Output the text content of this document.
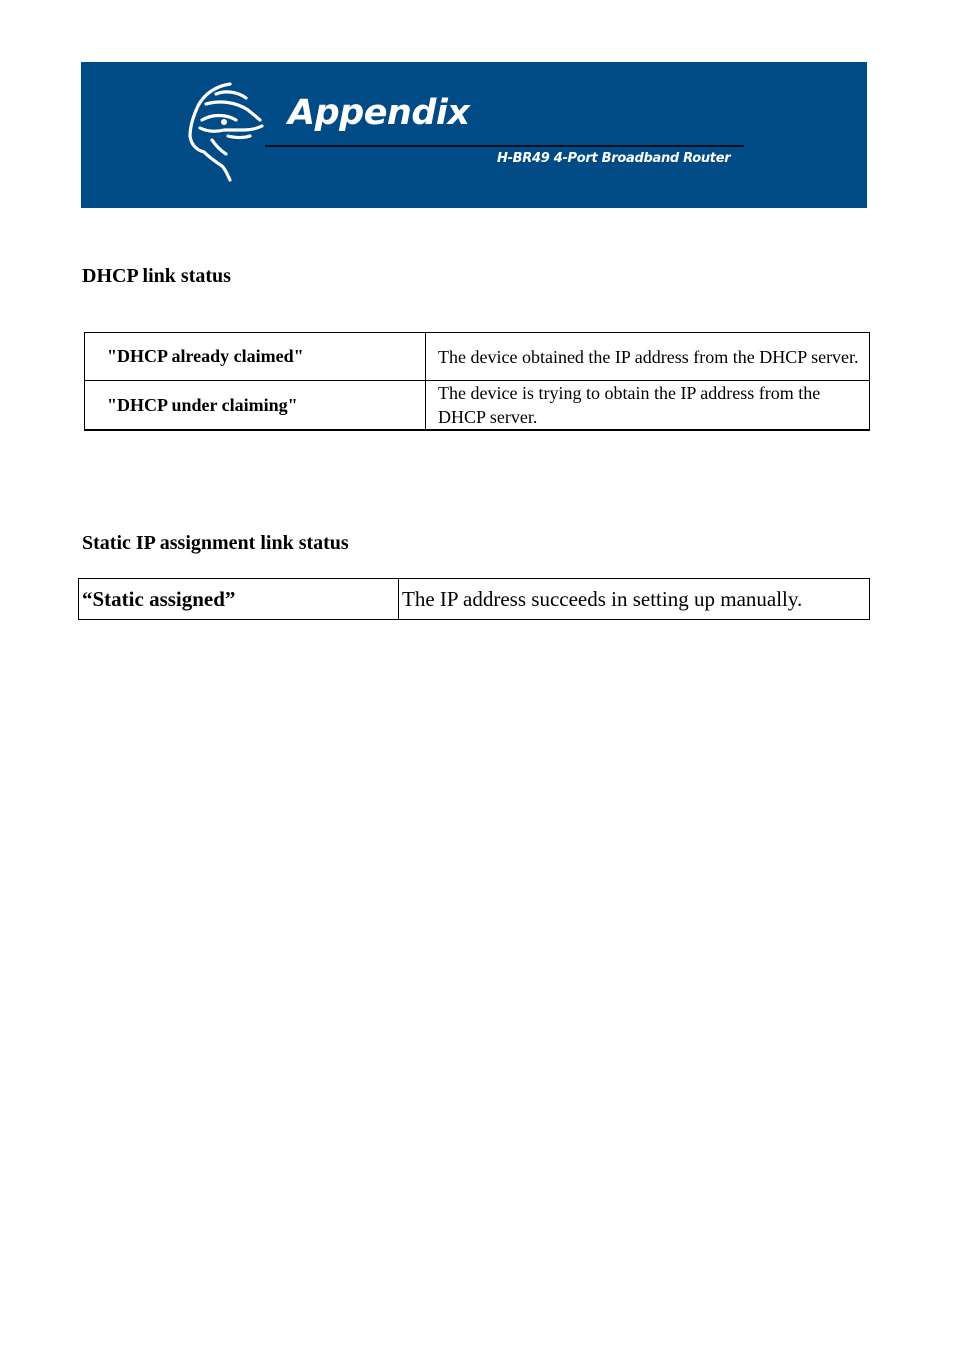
Appendix
H-BR49 4-Port Broadband Router
DHCP link status
"DHCP already claimed"	The device obtained the IP address from the DHCP server.
"DHCP under claiming"	The device is trying to obtain the IP address from the DHCP server.
Static IP assignment link status
“Static assigned”	The IP address succeeds in setting up manually.
